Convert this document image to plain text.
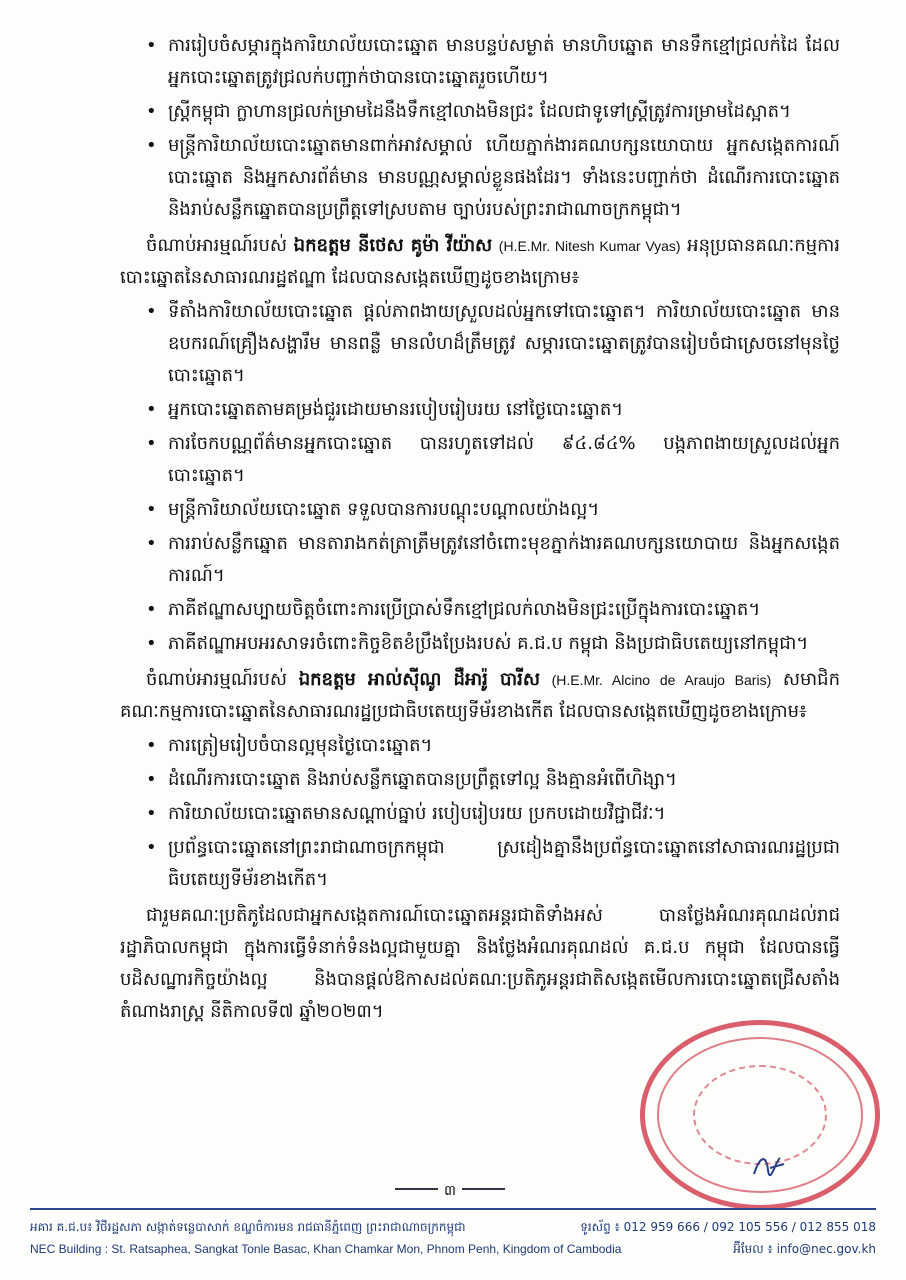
• ការរៀបចំសម្ភារក្នុងការិយាល័យបោះឆ្នោត មានបន្ទប់សម្ងាត់ មានហិបឆ្នោត មានទឹកខ្មៅជ្រលក់ដៃ ដែលអ្នកបោះឆ្នោតត្រូវជ្រលក់បញ្ជាក់ថាបានបោះឆ្នោតរួចហើយ។
• ស្ត្រីកម្ពុជា ក្លាហានជ្រលក់ម្រាមដៃនឹងទឹកខ្មៅលាងមិនជ្រះ ដែលជាទូទៅស្ត្រីត្រូវការម្រាមដៃស្អាត។
• មន្ត្រីការិយាល័យបោះឆ្នោតមានពាក់អាវសម្គាល់ ហើយភ្នាក់ងារគណបក្សនយោបាយ អ្នកសង្កេតការណ៍បោះឆ្នោត និងអ្នកសារព័ត៌មាន មានបណ្ណសម្គាល់ខ្លួនផងដែរ។ ទាំងនេះបញ្ជាក់ថា ដំណើរការបោះឆ្នោត និងរាប់សន្លឹកឆ្នោតបានប្រព្រឹត្តទៅស្របតាម ច្បាប់របស់ព្រះរាជាណាចក្រកម្ពុជា។

ចំណាប់អារម្មណ៍របស់ ឯកឧត្តម នីថេស គូម៉ា វីយ៉ាស (H.E.Mr. Nitesh Kumar Vyas) អនុប្រធានគណៈកម្មការបោះឆ្នោតនៃសាធារណរដ្ឋឥណ្ឌា ដែលបានសង្កេតឃើញដូចខាងក្រោម៖

• ទីតាំងការិយាល័យបោះឆ្នោត ផ្តល់ភាពងាយស្រួលដល់អ្នកទៅបោះឆ្នោត។ ការិយាល័យបោះឆ្នោត មានឧបករណ៍គ្រឿងសង្ហារឹម មានពន្លឺ មានលំហដ៏ត្រឹមត្រូវ សម្ភារបោះឆ្នោតត្រូវបានរៀបចំជាស្រេចនៅមុនថ្ងៃបោះឆ្នោត។
• អ្នកបោះឆ្នោតតាមគម្រង់ជួរដោយមានរបៀបរៀបរយ នៅថ្ងៃបោះឆ្នោត។
• ការចែកបណ្ណព័ត៌មានអ្នកបោះឆ្នោត បានរហូតទៅដល់ ៩៤.៨៤% បង្កភាពងាយស្រួលដល់អ្នកបោះឆ្នោត។
• មន្ត្រីការិយាល័យបោះឆ្នោត ទទួលបានការបណ្តុះបណ្តាលយ៉ាងល្អ។
• ការរាប់សន្លឹកឆ្នោត មានតារាងកត់ត្រាត្រឹមត្រូវនៅចំពោះមុខភ្នាក់ងារគណបក្សនយោបាយ និងអ្នកសង្កេតការណ៍។
• ភាគីឥណ្ឌាសប្បាយចិត្តចំពោះការប្រើប្រាស់ទឹកខ្មៅជ្រលក់លាងមិនជ្រះប្រើក្នុងការបោះឆ្នោត។
• ភាគីឥណ្ឌាអបអរសាទរចំពោះកិច្ចខិតខំប្រឹងប្រែងរបស់ គ.ជ.ប កម្ពុជា និងប្រជាធិបតេយ្យនៅកម្ពុជា។

ចំណាប់អារម្មណ៍របស់ ឯកឧត្តម អាល់ស៊ីណូ ដឺអារ៉ូ បារីស (H.E.Mr. Alcino de Araujo Baris) សមាជិកគណៈកម្មការបោះឆ្នោតនៃសាធារណរដ្ឋប្រជាធិបតេយ្យទីម័រខាងកើត ដែលបានសង្កេតឃើញដូចខាងក្រោម៖

• ការត្រៀមរៀបចំបានល្អមុនថ្ងៃបោះឆ្នោត។
• ដំណើរការបោះឆ្នោត និងរាប់សន្លឹកឆ្នោតបានប្រព្រឹត្តទៅល្អ និងគ្មានអំពើហិង្សា។
• ការិយាល័យបោះឆ្នោតមានសណ្តាប់ធ្នាប់ របៀបរៀបរយ ប្រកបដោយវិជ្ជាជីវៈ។
• ប្រព័ន្ធបោះឆ្នោតនៅព្រះរាជាណាចក្រកម្ពុជា ស្រដៀងគ្នានឹងប្រព័ន្ធបោះឆ្នោតនៅសាធារណរដ្ឋប្រជាធិបតេយ្យទីម័រខាងកើត។

ជារួមគណៈប្រតិភូដែលជាអ្នកសង្កេតការណ៍បោះឆ្នោតអន្តរជាតិទាំងអស់ បានថ្លែងអំណរគុណដល់រាជរដ្ឋាភិបាលកម្ពុជា ក្នុងការធ្វើទំនាក់ទំនងល្អជាមួយគ្នា និងថ្លែងអំណរគុណដល់ គ.ជ.ប កម្ពុជា ដែលបានធ្វើបដិសណ្ឋារកិច្ចយ៉ាងល្អ និងបានផ្តល់ឱកាសដល់គណៈប្រតិភូអន្តរជាតិសង្កេតមើលការបោះឆ្នោតជ្រើសតាំងតំណាងរាស្ត្រ នីតិកាលទី៧ ឆ្នាំ២០២៣។

៣
អគារ គ.ជ.ប៖ វិថីរដ្ឋសភា សង្កាត់ទន្លេបាសាក់ ខណ្ឌចំការមន រាជធានីភ្នំពេញ ព្រះរាជាណាចក្រកម្ពុជា	ទូរស័ព្ទ ៖ 012 959 666 / 092 105 556 / 012 855 018
NEC Building : St. Ratsaphea, Sangkat Tonle Basac, Khan Chamkar Mon, Phnom Penh, Kingdom of Cambodia	អ៊ីមែល ៖ info@nec.gov.kh
